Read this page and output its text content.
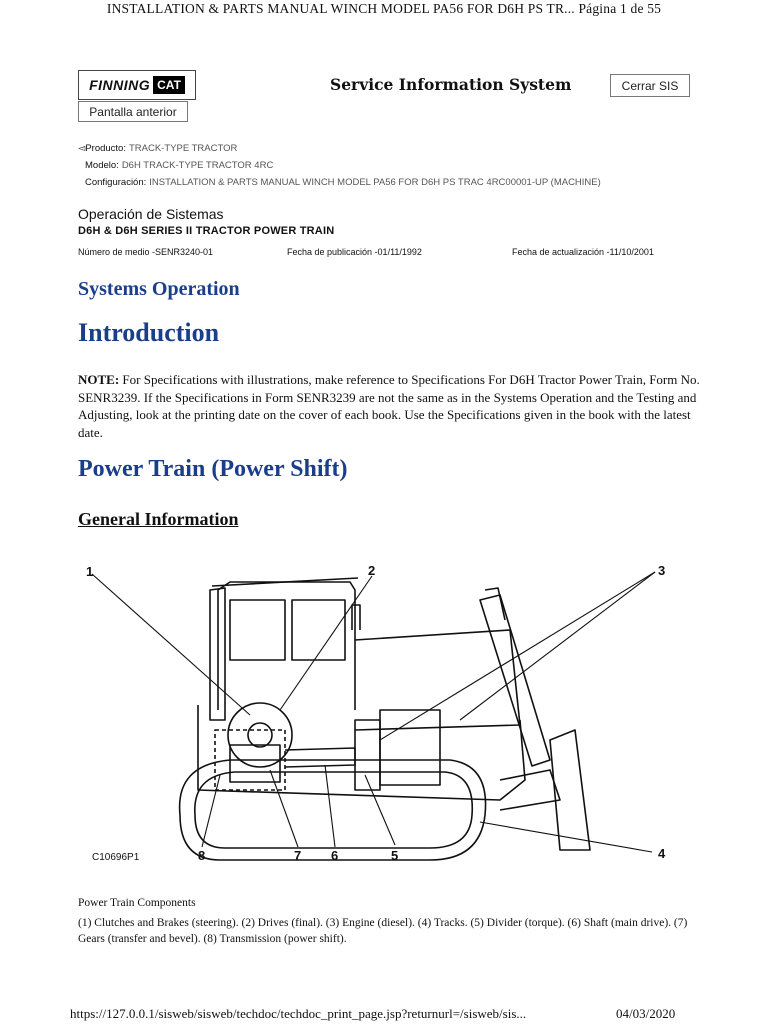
INSTALLATION & PARTS MANUAL WINCH MODEL PA56 FOR D6H PS TR... Página 1 de 55
FINNING CAT	Service Information System	Cerrar SIS
Pantalla anterior
◅Producto: TRACK-TYPE TRACTOR
Modelo: D6H TRACK-TYPE TRACTOR 4RC
Configuración: INSTALLATION & PARTS MANUAL WINCH MODEL PA56 FOR D6H PS TRAC 4RC00001-UP (MACHINE)
Operación de Sistemas
D6H & D6H SERIES II TRACTOR POWER TRAIN
Número de medio -SENR3240-01	Fecha de publicación -01/11/1992	Fecha de actualización -11/10/2001
Systems Operation
Introduction
NOTE: For Specifications with illustrations, make reference to Specifications For D6H Tractor Power Train, Form No. SENR3239. If the Specifications in Form SENR3239 are not the same as in the Systems Operation and the Testing and Adjusting, look at the printing date on the cover of each book. Use the Specifications given in the book with the latest date.
Power Train (Power Shift)
General Information
1	2	3
4
5
6
7
8
C10696P1
Power Train Components
(1) Clutches and Brakes (steering). (2) Drives (final). (3) Engine (diesel). (4) Tracks. (5) Divider (torque). (6) Shaft (main drive). (7) Gears (transfer and bevel). (8) Transmission (power shift).
https://127.0.0.1/sisweb/sisweb/techdoc/techdoc_print_page.jsp?returnurl=/sisweb/sis...	04/03/2020
